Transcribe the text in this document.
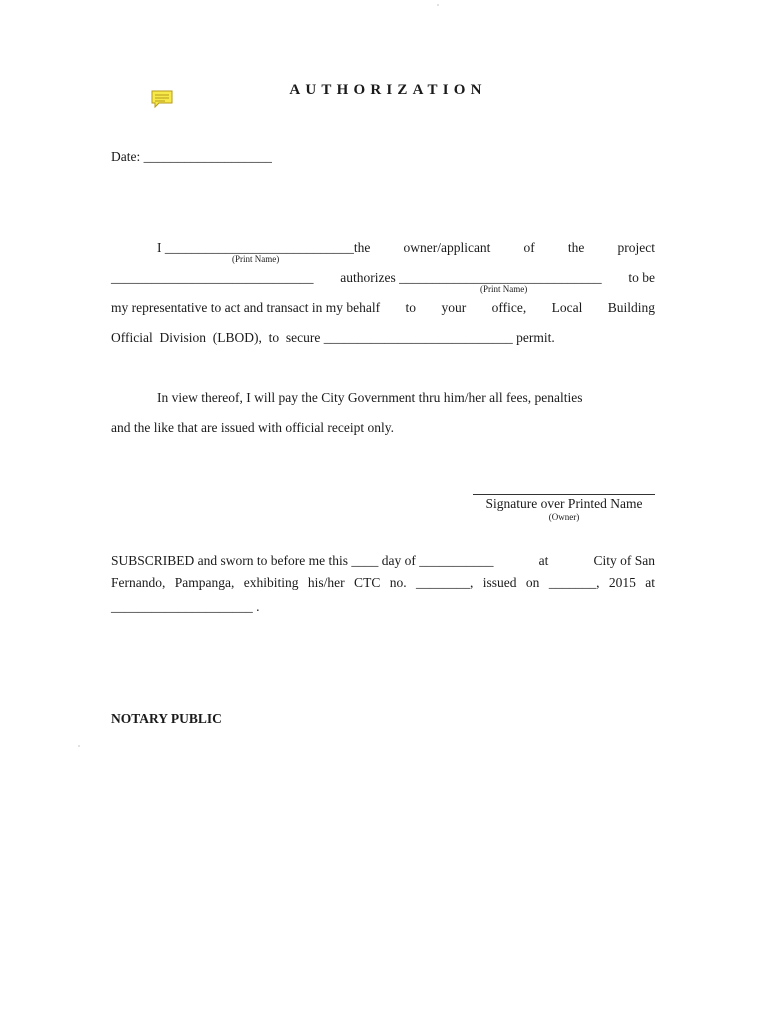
AUTHORIZATION
Date: ___________________
I ____________________________the owner/applicant of the project
(Print Name)
______________________________ authorizes ______________________________ to be
(Print Name)
my representative to act and transact in my behalf to your office, Local Building
Official  Division  (LBOD),  to  secure ____________________________ permit.
In view thereof, I will pay the City Government thru him/her all fees, penalties
and the like that are issued with official receipt only.
Signature over Printed Name
(Owner)
SUBSCRIBED and sworn to before me this ____ day of ___________	at	City of San
Fernando, Pampanga, exhibiting his/her CTC no. ________, issued on _______, 2015 at
_____________________ .
NOTARY PUBLIC
